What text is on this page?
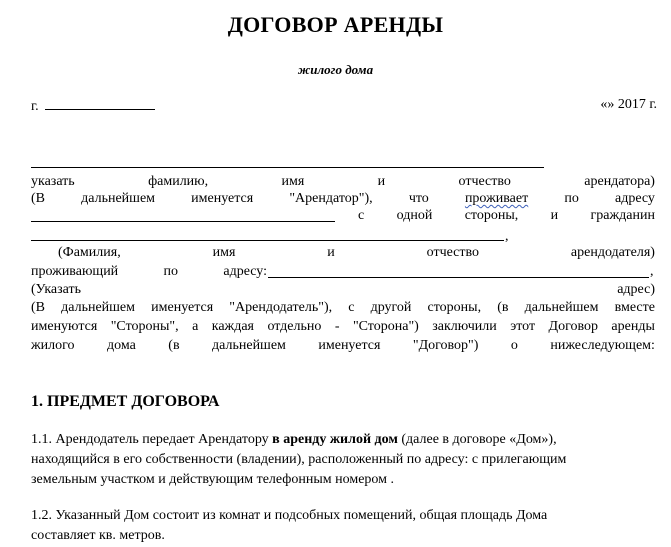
ДОГОВОР АРЕНДЫ
жилого дома
г.	«» 2017 г.
указать	фамилию,	имя	и	отчество	арендатора)
(В	дальнейшем	именуется	"Арендатор"),	что	проживает	по	адресу
с одной стороны, и гражданин
,
(Фамилия,	имя	и	отчество	арендодателя)
проживающий	по	адресу:	,
(Указать	адрес)
(В дальнейшем именуется "Арендодатель"), с другой стороны, (в дальнейшем вместе
именуются "Стороны", а каждая отдельно - "Сторона") заключили этот Договор аренды
жилого дома (в дальнейшем именуется "Договор") о нижеследующем:
1. ПРЕДМЕТ ДОГОВОРА
1.1. Арендодатель передает Арендатору в аренду жилой дом (далее в договоре «Дом»),
находящийся в его собственности (владении), расположенный по адресу: с прилегающим
земельным участком и действующим телефонным номером .
1.2. Указанный Дом состоит из комнат и подсобных помещений, общая площадь Дома
составляет кв. метров.
